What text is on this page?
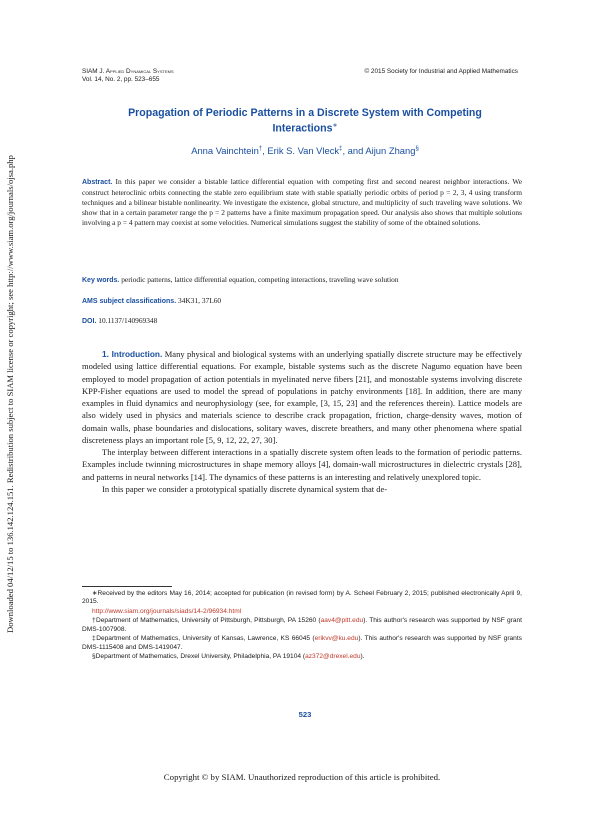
Downloaded 04/12/15 to 136.142.124.151. Redistribution subject to SIAM license or copyright; see http://www.siam.org/journals/ojsa.php
SIAM J. Applied Dynamical Systems
Vol. 14, No. 2, pp. 523–655
© 2015 Society for Industrial and Applied Mathematics
Propagation of Periodic Patterns in a Discrete System with Competing
Interactions∗
Anna Vainchtein†, Erik S. Van Vleck‡, and Aijun Zhang§
Abstract. In this paper we consider a bistable lattice differential equation with competing first and second nearest neighbor interactions. We construct heteroclinic orbits connecting the stable zero equilibrium state with stable spatially periodic orbits of period p = 2, 3, 4 using transform techniques and a bilinear bistable nonlinearity. We investigate the existence, global structure, and multiplicity of such traveling wave solutions. We show that in a certain parameter range the p = 2 patterns have a finite maximum propagation speed. Our analysis also shows that multiple solutions involving a p = 4 pattern may coexist at some velocities. Numerical simulations suggest the stability of some of the obtained solutions.
Key words. periodic patterns, lattice differential equation, competing interactions, traveling wave solution
AMS subject classifications. 34K31, 37L60
DOI. 10.1137/140969348

1. Introduction. Many physical and biological systems with an underlying spatially discrete structure may be effectively modeled using lattice differential equations. For example, bistable systems such as the discrete Nagumo equation have been employed to model propagation of action potentials in myelinated nerve fibers [21], and monostable systems involving discrete KPP-Fisher equations are used to model the spread of populations in patchy environments [18]. In addition, there are many examples in fluid dynamics and neurophysiology (see, for example, [3, 15, 23] and the references therein). Lattice models are also widely used in physics and materials science to describe crack propagation, friction, charge-density waves, motion of domain walls, phase boundaries and dislocations, solitary waves, discrete breathers, and many other phenomena where spatial discreteness plays an important role [5, 9, 12, 22, 27, 30].

The interplay between different interactions in a spatially discrete system often leads to the formation of periodic patterns. Examples include twinning microstructures in shape memory alloys [4], domain-wall microstructures in dielectric crystals [28], and patterns in neural networks [14]. The dynamics of these patterns is an interesting and relatively unexplored topic.

In this paper we consider a prototypical spatially discrete dynamical system that de-

∗Received by the editors May 16, 2014; accepted for publication (in revised form) by A. Scheel February 2, 2015; published electronically April 9, 2015.

http://www.siam.org/journals/siads/14-2/96934.html

†Department of Mathematics, University of Pittsburgh, Pittsburgh, PA 15260 (aav4@pitt.edu). This author's research was supported by NSF grant DMS-1007908.

‡Department of Mathematics, University of Kansas, Lawrence, KS 66045 (erikvv@ku.edu). This author's research was supported by NSF grants DMS-1115408 and DMS-1419047.

§Department of Mathematics, Drexel University, Philadelphia, PA 19104 (az372@drexel.edu).

523
Copyright © by SIAM. Unauthorized reproduction of this article is prohibited.
